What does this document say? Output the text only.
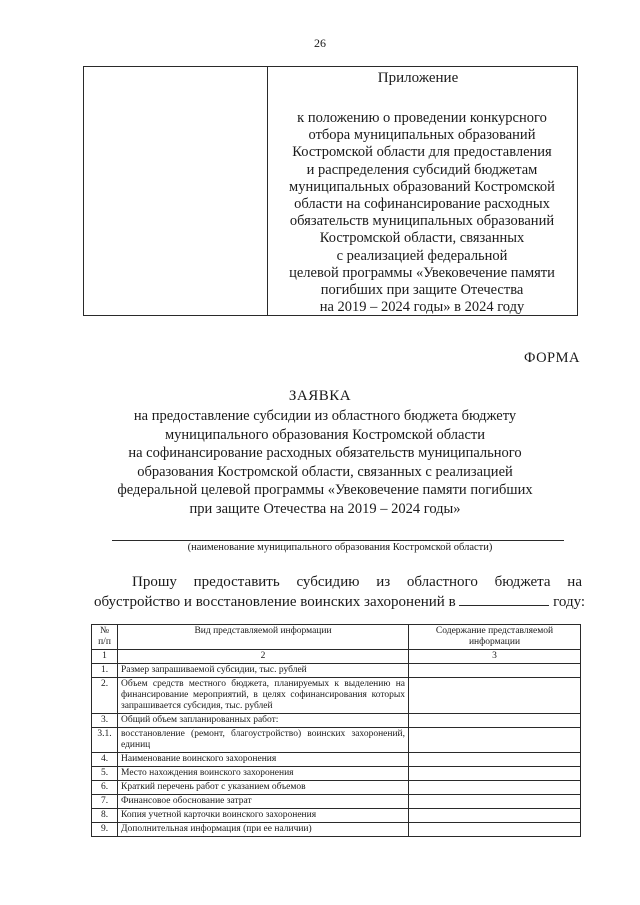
26
Приложение
к положению о проведении конкурсного
отбора муниципальных образований
Костромской области для предоставления
и распределения субсидий бюджетам
муниципальных образований Костромской
области на софинансирование расходных
обязательств муниципальных образований
Костромской области, связанных
с реализацией федеральной
целевой программы «Увековечение памяти
погибших при защите Отечества
на 2019 – 2024 годы» в 2024 году
ФОРМА
ЗАЯВКА
на предоставление субсидии из областного бюджета бюджету
муниципального образования Костромской области
на софинансирование расходных обязательств муниципального
образования Костромской области, связанных с реализацией
федеральной целевой программы «Увековечение памяти погибших
при защите Отечества на 2019 – 2024 годы»
(наименование муниципального образования Костромской области)
Прошу предоставить субсидию из областного бюджета на
обустройство и восстановление воинских захоронений в	году:
№ п/п	Вид представляемой информации	Содержание представляемой информации
1	2	3
1.	Размер запрашиваемой субсидии, тыс. рублей	
2.	Объем средств местного бюджета, планируемых к выделению на финансирование мероприятий, в целях софинансирования которых запрашивается субсидия, тыс. рублей	
3.	Общий объем запланированных работ:	
3.1.	восстановление (ремонт, благоустройство) воинских захоронений, единиц	
4.	Наименование воинского захоронения	
5.	Место нахождения воинского захоронения	
6.	Краткий перечень работ с указанием объемов	
7.	Финансовое обоснование затрат	
8.	Копия учетной карточки воинского захоронения	
9.	Дополнительная информация (при ее наличии)	
